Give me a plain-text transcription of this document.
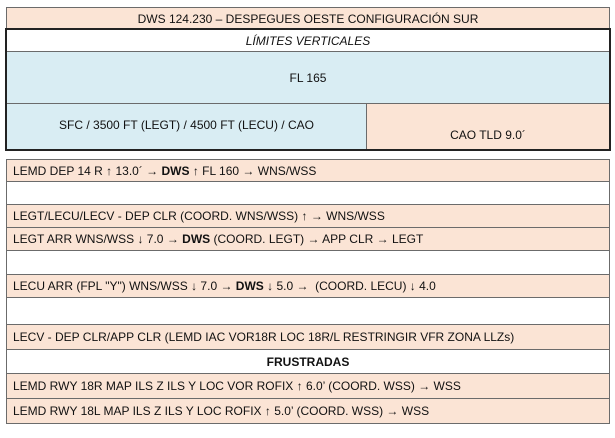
DWS 124.230 – DESPEGUES OESTE CONFIGURACIÓN SUR
LÍMITES VERTICALES
FL 165
SFC / 3500 FT (LEGT) / 4500 FT (LECU) / CAO
CAO TLD 9.0´
LEMD DEP 14 R ↑ 13.0´ → DWS ↑ FL 160 → WNS/WSS
LEGT/LECU/LECV - DEP CLR (COORD. WNS/WSS) ↑ → WNS/WSS
LEGT ARR WNS/WSS ↓ 7.0 → DWS (COORD. LEGT) → APP CLR → LEGT
LECU ARR (FPL "Y") WNS/WSS ↓ 7.0 → DWS ↓ 5.0 →  (COORD. LECU) ↓ 4.0
LECV - DEP CLR/APP CLR (LEMD IAC VOR18R LOC 18R/L RESTRINGIR VFR ZONA LLZs)
FRUSTRADAS
LEMD RWY 18R MAP ILS Z ILS Y LOC VOR ROFIX ↑ 6.0’ (COORD. WSS) → WSS
LEMD RWY 18L MAP ILS Z ILS Y LOC ROFIX ↑ 5.0’ (COORD. WSS) → WSS
